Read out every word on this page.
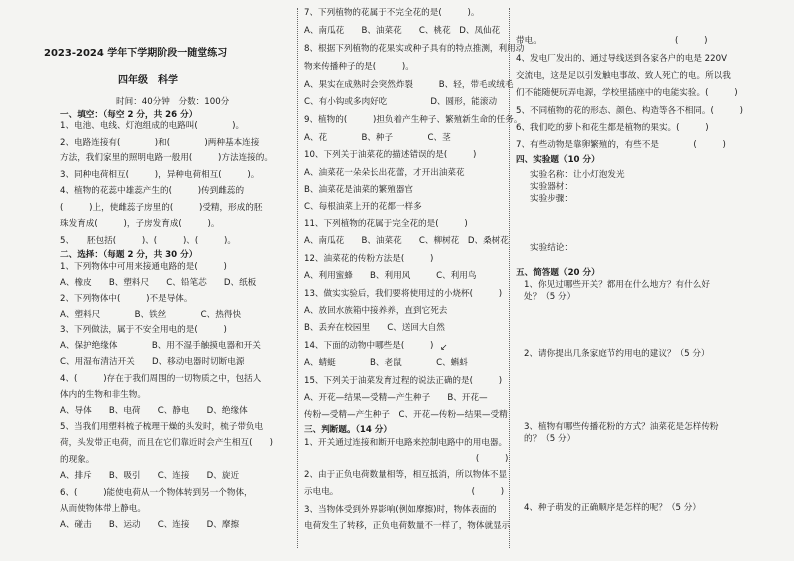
2023-2024 学年下学期阶段一随堂练习
四年级　科学
时间：40分钟　分数：100分
一、填空：（每空 2 分，共 26 分）
1、电池、电线、灯泡组成的电路叫(　　　　)。
2、电路连接有(　　　　)和(　　　　)两种基本连接
方法，我们家里的照明电路一般用(　　　)方法连接的。
3、同种电荷相互(　　　)，异种电荷相互(　　　)。
4、植物的花蕊中雄蕊产生的(　　　)传到雌蕊的
(　　　)上，使雌蕊子房里的(　　　)受精，形成的胚
珠发育成(　　　)，子房发育成(　　　)。
5、　　胚包括(　　　)、(　　　)、(　　　)。
二、选择：（每题 2 分，共 30 分）
1、下列物体中可用来接通电路的是(　　　)
A、橡皮　　B、塑料尺　　C、铅笔芯　　D、纸板
2、下列物体中(　　　)不是导体。
A、塑料尺　　　　B、铁丝　　　　C、热得快
3、下列做法，属于不安全用电的是(　　　)
A、保护绝缘体　　　　B、用不湿手触摸电器和开关
C、用湿布清洁开关　　D、移动电器时切断电源
4、(　　　)存在于我们周围的一切物质之中，包括人
体内的生物和非生物。
A、导体　　B、电荷　　C、静电　　D、绝缘体
5、当我们用塑料梳子梳理干燥的头发时，梳子带负电
荷，头发带正电荷，而且在它们靠近时会产生相互(　　)
的现象。
A、排斥　　B、吸引　　C、连接　　D、旋近
6、(　　　)能使电荷从一个物体转到另一个物体，
从而使物体带上静电。
A、碰击　　B、运动　　C、连接　　D、摩擦
7、下列植物的花属于不完全花的是(　　　)。
A、南瓜花　　B、油菜花　　C、桃花　D、凤仙花
8、根据下列植物的花果实或种子具有的特点推测，利用动
物来传播种子的是(　　　)。
A、果实在成熟时会突然炸裂　　　B、轻，带毛或绒毛
C、有小钩或多肉好吃　　　　　D、圆形，能滚动
9、植物的(　　　)担负着产生种子、繁殖新生命的任务。
A、花　　　　B、种子　　　　C、茎
10、下列关于油菜花的描述错误的是(　　　)
A、油菜花一朵朵长出花蕾，才开出油菜花
B、油菜花是油菜的繁殖器官
C、每根油菜上开的花都一样多
11、下列植物的花属于完全花的是(　　　)
A、南瓜花　　B、油菜花　　C、柳树花　D、桑树花
12、油菜花的传粉方法是(　　　)
A、利用蜜蜂　　B、利用风　　　C、利用鸟
13、做实实验后，我们要将使用过的小烧杯(　　　)
A、放回水族箱中接养养，直到它死去
B、丢弃在校园里　　C、送回大自然
14、下面的动物中哪些是(　　　)
A、蜻蜓　　　　B、老鼠　　　　C、蝌蚪
15、下列关于油菜发育过程的说法正确的是(　　　)
A、开花—结果—受精—产生种子　　B、开花—
传粉—受精—产生种子　C、开花—传粉—结果—受精
三、判断题。（14 分）
1、开关通过连接和断开电路来控制电路中的用电器。
　　　　　　　　　　　　　　　　　　　　(　　　)
2、由于正负电荷数量相等，相互抵消，所以物体不显
示电电。　　　　　　　　　　　　　　　　(　　　)
3、当物体受到外界影响(例如摩擦)时，物体表面的
电荷发生了转移，正负电荷数量不一样了，物体就显示
带电。　　　　　　　　　　　　　　　　(　　　)
4、发电厂发出的、通过导线送到各家各户的电是 220V
交流电，这是足以引发触电事故、致人死亡的电。所以我
们不能随便玩弄电源，学校里插座中的电能实验。(　　　)
5、不同植物的花的形态、颜色、构造等各不相同。(　　　)
6、我们吃的萝卜和花生都是植物的果实。(　　　)
7、有些动物是靠卵繁殖的，有些不是　　　　(　　　)
四、实验题（10 分）
实验名称：让小灯泡发光
实验器材：
实验步骤：
实验结论：
五、简答题（20 分）
1、你见过哪些开关？都用在什么地方？有什么好
处？（5 分）
2、请你提出几条家庭节约用电的建议？（5 分）
3、植物有哪些传播花粉的方式？油菜花是怎样传粉
的？（5 分）
4、种子萌发的正确顺序是怎样的呢？（5 分）
↙
